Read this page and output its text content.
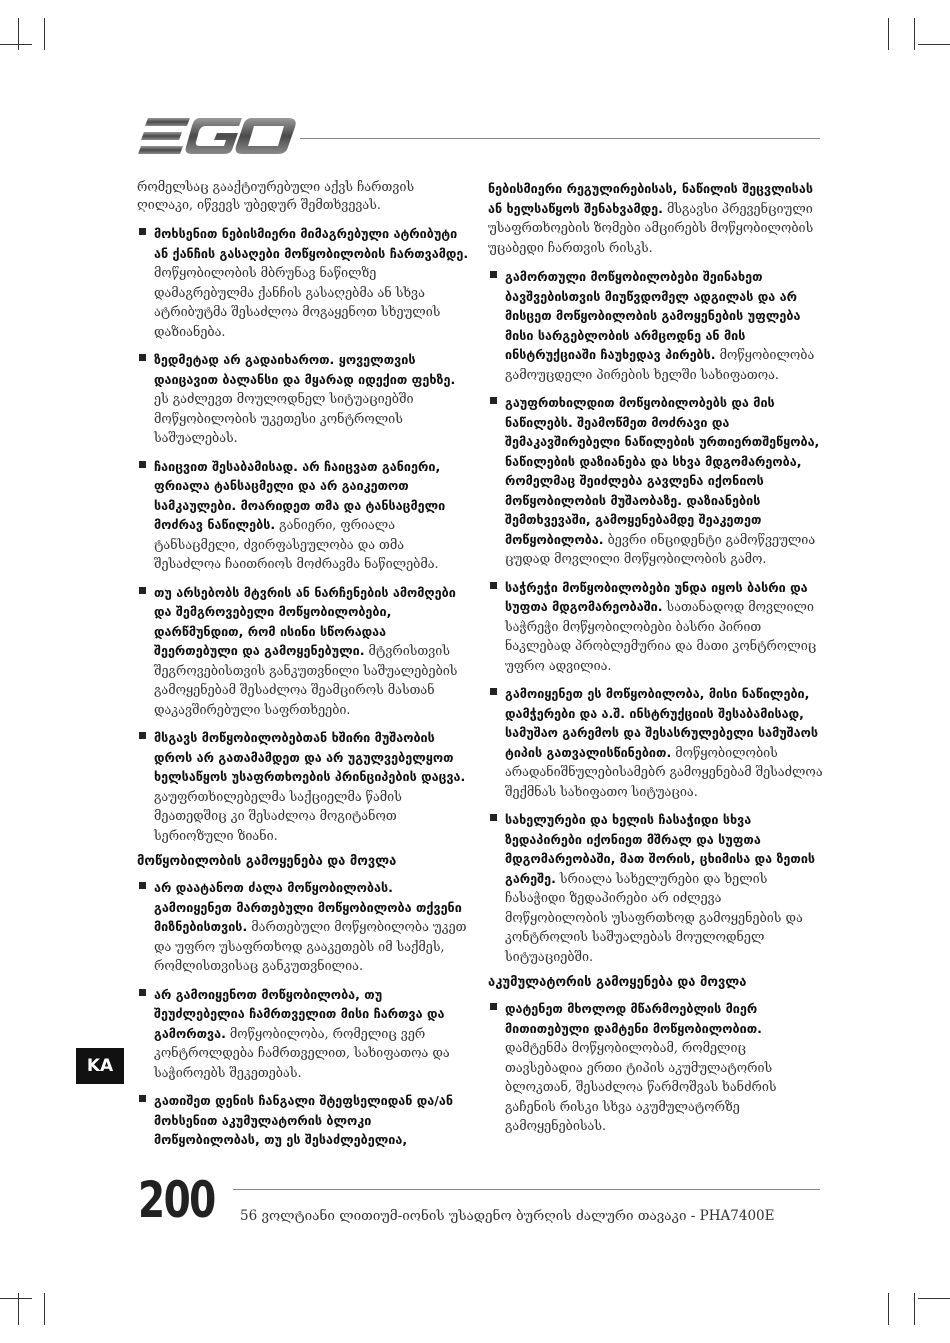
რომელსაც გააქტიურებული აქვს ჩართვის ღილაკი, იწვევს უბედურ შემთხვევას.

მოხსენით ნებისმიერი მიმაგრებული ატრიბუტი ან ქანჩის გასაღები მოწყობილობის ჩართვამდე. მოწყობილობის მბრუნავ ნაწილზე დამაგრებულმა ქანჩის გასაღებმა ან სხვა ატრიბუტმა შესაძლოა მოგაყენოთ სხეულის დაზიანება.
ზედმეტად არ გადაიხაროთ. ყოველთვის დაიცავით ბალანსი და მყარად იდექით ფეხზე. ეს გაძლევთ მოულოდნელ სიტუაციებში მოწყობილობის უკეთესი კონტროლის საშუალებას.
ჩაიცვით შესაბამისად. არ ჩაიცვათ განიერი, ფრიალა ტანსაცმელი და არ გაიკეთოთ სამკაულები. მოარიდეთ თმა და ტანსაცმელი მოძრავ ნაწილებს. განიერი, ფრიალა ტანსაცმელი, ძვირფასეულობა და თმა შესაძლოა ჩაითრიოს მოძრავმა ნაწილებმა.
თუ არსებობს მტვრის ან ნარჩენების ამომღები და შემგროვებელი მოწყობილობები, დარწმუნდით, რომ ისინი სწორადაა შეერთებული და გამოყენებული. მტვრისთვის შეგროვებისთვის განკუთვნილი საშუალებების გამოყენებამ შესაძლოა შეამციროს მასთან დაკავშირებული საფრთხეები.
მსგავს მოწყობილობებთან ხშირი მუშაობის დროს არ გათამამდეთ და არ უგულვებელყოთ ხელსაწყოს უსაფრთხოების პრინციპების დაცვა. გაუფრთხილებელმა საქციელმა წამის მეათედშიც კი შესაძლოა მოგიტანოთ სერიოზული ზიანი.
მოწყობილობის გამოყენება და მოვლა
არ დაატანოთ ძალა მოწყობილობას. გამოიყენეთ მართებული მოწყობილობა თქვენი მიზნებისთვის. მართებული მოწყობილობა უკეთ და უფრო უსაფრთხოდ გააკეთებს იმ საქმეს, რომლისთვისაც განკუთვნილია.
არ გამოიყენოთ მოწყობილობა, თუ შეუძლებელია ჩამრთველით მისი ჩართვა და გამორთვა. მოწყობილობა, რომელიც ვერ კონტროლდება ჩამრთველით, სახიფათოა და საჭიროებს შეკეთებას.
გათიშეთ დენის ჩანგალი შტეფსელიდან და/ან მოხსენით აკუმულატორის ბლოკი მოწყობილობას, თუ ეს შესაძლებელია,

ნებისმიერი რეგულირებისას, ნაწილის შეცვლისას ან ხელსაწყოს შენახვამდე. მსგავსი პრევენციული უსაფრთხოების ზომები ამცირებს მოწყობილობის უცაბედი ჩართვის რისკს.

გამორთული მოწყობილობები შეინახეთ ბავშვებისთვის მიუწვდომელ ადგილას და არ მისცეთ მოწყობილობის გამოყენების უფლება მისი სარგებლობის არმცოდნე ან მის ინსტრუქციაში ჩაუხედავ პირებს. მოწყობილობა გამოუცდელი პირების ხელში სახიფათოა.
გაუფრთხილდით მოწყობილობებს და მის ნაწილებს. შეამოწმეთ მოძრავი და შემაკავშირებელი ნაწილების ურთიერთშეწყობა, ნაწილების დაზიანება და სხვა მდგომარეობა, რომელმაც შეიძლება გავლენა იქონიოს მოწყობილობის მუშაობაზე. დაზიანების შემთხვევაში, გამოყენებამდე შეაკეთეთ მოწყობილობა. ბევრი ინციდენტი გამოწვეულია ცუდად მოვლილი მოწყობილობის გამო.
საჭრეჭი მოწყობილობები უნდა იყოს ბასრი და სუფთა მდგომარეობაში. სათანადოდ მოვლილი საჭრეჭი მოწყობილობები ბასრი პირით ნაკლებად პრობლემურია და მათი კონტროლიც უფრო ადვილია.
გამოიყენეთ ეს მოწყობილობა, მისი ნაწილები, დამჭერები და ა.შ. ინსტრუქციის შესაბამისად, სამუშაო გარემოს და შესასრულებელი სამუშაოს ტიპის გათვალისწინებით. მოწყობილობის არადანიშნულებისამებრ გამოყენებამ შესაძლოა შექმნას სახიფათო სიტუაცია.
სახელურები და ხელის ჩასაჭიდი სხვა ზედაპირები იქონიეთ მშრალ და სუფთა მდგომარეობაში, მათ შორის, ცხიმისა და ზეთის გარეშე. სრიალა სახელურები და ხელის ჩასაჭიდი ზედაპირები არ იძლევა მოწყობილობის უსაფრთხოდ გამოყენების და კონტროლის საშუალებას მოულოდნელ სიტუაციებში.
აკუმულატორის გამოყენება და მოვლა
დატენეთ მხოლოდ მწარმოებლის მიერ მითითებული დამტენი მოწყობილობით. დამტენმა მოწყობილობამ, რომელიც თავსებადია ერთი ტიპის აკუმულატორის ბლოკთან, შესაძლოა წარმოშვას ხანძრის გაჩენის რისკი სხვა აკუმულატორზე გამოყენებისას.
KA
200 56 ვოლტიანი ლითიუმ-იონის უსადენო ბურღის ძალური თავაკი - PHA7400E
